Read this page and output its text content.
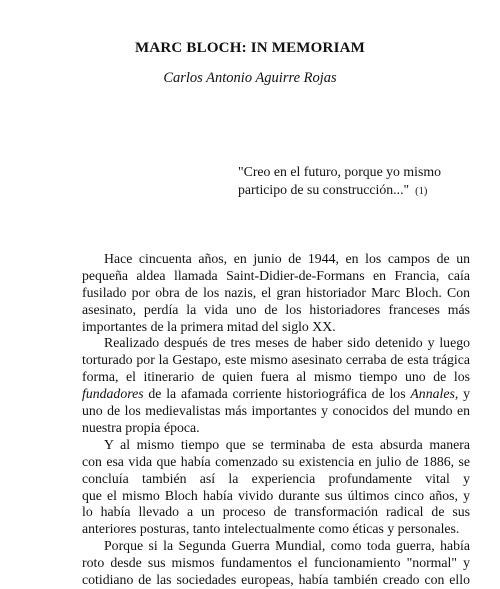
MARC BLOCH: IN MEMORIAM

Carlos Antonio Aguirre Rojas

"Creo en el futuro, porque yo mismo
participo de su construcción..." (1)
Hace cincuenta años, en junio de 1944, en los campos de un
pequeña aldea llamada Saint-Didier-de-Formans en Francia, caía
fusilado por obra de los nazis, el gran historiador Marc Bloch. Con
asesinato, perdía la vida uno de los historiadores franceses más
importantes de la primera mitad del siglo XX.
Realizado después de tres meses de haber sido detenido y luego
torturado por la Gestapo, este mismo asesinato cerraba de esta trágica
forma, el itinerario de quien fuera al mismo tiempo uno de los
fundadores de la afamada corriente historiográfica de los Annales, y
uno de los medievalistas más importantes y conocidos del mundo en
nuestra propia época.
Y al mismo tiempo que se terminaba de esta absurda manera
con esa vida que había comenzado su existencia en julio de 1886, se
concluía también así la experiencia profundamente vital y
que el mismo Bloch había vivido durante sus últimos cinco años, y
lo había llevado a un proceso de transformación radical de sus
anteriores posturas, tanto intelectualmente como éticas y personales.
Porque si la Segunda Guerra Mundial, como toda guerra, había
roto desde sus mismos fundamentos el funcionamiento "normal" y
cotidiano de las sociedades europeas, había también creado con ello
